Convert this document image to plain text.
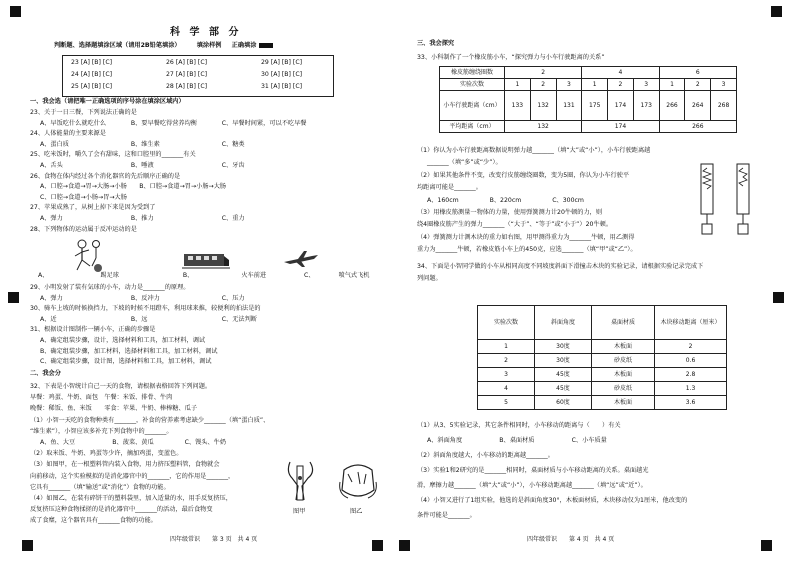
科 学 部 分
判断题、选择题填涂区域（请用2B铅笔填涂）	填涂样例 正确填涂
23 [A] [B] [C]	26 [A] [B] [C]	29 [A] [B] [C]
24 [A] [B] [C]	27 [A] [B] [C]	30 [A] [B] [C]
25 [A] [B] [C]	28 [A] [B] [C]	31 [A] [B] [C]
一、我会选（请把唯一正确选项的序号涂在填涂区域内）
23、关于一日三餐，下列说法正确的是
A、早饭吃什么就吃什么　　　　B、要早餐吃得营养均衡　　　　C、早餐时间紧，可以不吃早餐
24、人体能量的主要来源是
A、蛋白质　　　　　　　　　　B、维生素　　　　　　　　　　C、糖类
25、吃米饭时，嚼久了会有甜味，这和口腔里的_______有关
A、舌头　　　　　　　　　　　B、唾液　　　　　　　　　　　C、牙齿
26、食物在体内经过各个消化器官的先后顺序正确的是
A、口腔→食道→胃→大肠→小肠　　B、口腔→食道→胃→小肠→大肠
C、口腔→食道→小肠→胃→大肠
27、苹果成熟了，从树上掉下来是因为受到了
A、弹力　　　　　　　　　　　B、推力　　　　　　　　　　　C、重力
28、下列物体的运动属于反冲运动的是
A、	踢足球	B、	火车前进	C、	喷气式飞机
29、小明发射了装有気球的小车，动力是_______的原理。
A、弹力　　　　　　　　　　　B、反冲力　　　　　　　　　　C、压力
30、骑车上坡的时候换挡力，下坡的时候不用蹬车，利用球来推，较便利的拍法是的
A、近　　　　　　　　　　　　B、远　　　　　　　　　　　　C、无法判断
31、根据设计图制作一辆小车，正确的步骤是
A、确定组装步骤，设计，选择材料和工具，加工材料，调试
B、确定组装步骤，加工材料，选择材料和工具，加工材料，调试
C、确定组装步骤，设计图，选择材料和工具，加工材料，调试
二、我会分
32、下表是小智统计自己一天的食物，请根据表格回答下列问题。
早餐：鸡蛋、牛奶、面包　午餐：米饭、排骨、牛肉
晚餐：稀饭、鱼、米饭　　零食：苹果、牛奶、棒棒糖、瓜子
（1）小智一天吃的食物种类有_______，补食的营养素考虑缺少_______（填“蛋白质”、
“维生素”），小智应该多补充下列食物中的_______。
A、鱼、大豆　　　　　　B、菠菜、黄瓜　　　　　C、馒头、牛奶
（2）取米饭、牛奶、鸡蛋等少许，摘加鸡蛋，变蓝色。
（3）如图甲，在一根塑料管内装入食物，用力挤压塑料管，食物就会
向前移动，这个实验模拟的是消化器官中的_______，它的作用是_______，
它具有_______（填“输送”或“消化”）食物的功能。
（4）如图乙，在装有碎饼干的塑料袋里，加入适量的水，用手反复挤压，
反复挤压这种食物揉搓的是消化器官中_______的活动，最后食物变
成了食糜，这个器官具有_______食物的功能。
图甲	图乙
四年级常识　　第 3 页　共 4 页
三、我会探究
33、小科制作了一个橡皮筋小车，“探究弹力与小车行驶距离的关系”
橡皮筋缠绕圈数	2			4			6		
实验次数	1	2	3	1	2	3	1	2	3
小车行驶距离（cm）	133	132	131	175	174	173	266	264	268
平均距离（cm）	132			174			266		
（1）你认为小车行驶距离数据说明弹力越_______（填“大”或“小”），小车行驶距离越
_______（填“多”或“少”）。
（2）如果其他条件不变，改变行皮筋缠绕圈数，变为5圈，你认为小车行驶平
均距离可能是_______。
A、160cm　　　　　B、220cm　　　　　C、300cm
（3）用橡皮筋测量一物体的力量，使用弹簧测力计20牛顿的力，则
绕4圈橡皮筋产生的弹力_______（“大于”、“等于”或“小于”）20牛顿。
（4）弹簧测力计测木块的重力如右图，用甲测得重力为_______牛顿，用乙测得
重力为_______牛顿，若橡皮筋小车上的450克，应选_______（填“甲”或“乙”）。
34、下面是小智同学做的小车从相同高度不同坡度斜面下滑撞击木块的实验记录，请根据实验记录完成下
列问题。
实验次数	斜面角度	桌面材质	木块移动距离（厘米）
1	30度	木板面	2
2	30度	砂皮纸	0.6
3	45度	木板面	2.8
4	45度	砂皮纸	1.3
5	60度	木板面	3.6
（1）从3、5实验记录，其它条件相同时，小车移动的距离与（　　）有关
A、斜面角度　　　　　　B、桌面材质　　　　　　C、小车质量
（2）斜面角度越大，小车移动的距离越_______。
（3）实验1和2研究的是_______相同时，桌面材质与小车移动距离的关系。桌面越光
滑，摩擦力越_______（填“大”或“小”），小车移动距离越_______（填“远”或“近”）。
（4）小智又进行了1组实验，他选的是斜面角度30°，木板面材质，木块移动仅为1厘米，他改变的
条件可能是_______。
四年级常识　　第 4 页　共 4 页
